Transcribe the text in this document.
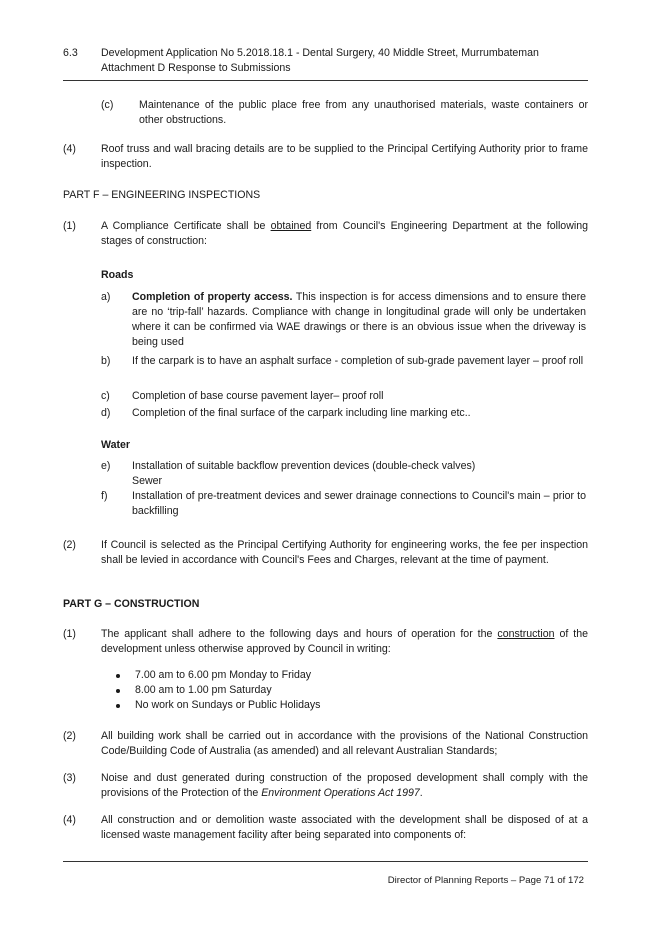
6.3 Development Application No 5.2018.18.1 - Dental Surgery, 40 Middle Street, Murrumbateman
Attachment D Response to Submissions
(c) Maintenance of the public place free from any unauthorised materials, waste containers or other obstructions.
(4) Roof truss and wall bracing details are to be supplied to the Principal Certifying Authority prior to frame inspection.
PART F – ENGINEERING INSPECTIONS
(1) A Compliance Certificate shall be obtained from Council's Engineering Department at the following stages of construction:
Roads
a) Completion of property access. This inspection is for access dimensions and to ensure there are no ‘trip-fall’ hazards. Compliance with change in longitudinal grade will only be undertaken where it can be confirmed via WAE drawings or there is an obvious issue when the driveway is being used
b) If the carpark is to have an asphalt surface - completion of sub-grade pavement layer – proof roll
c) Completion of base course pavement layer– proof roll
d) Completion of the final surface of the carpark including line marking etc..
Water
e) Installation of suitable backflow prevention devices (double-check valves)
Sewer
f) Installation of pre-treatment devices and sewer drainage connections to Council's main – prior to backfilling
(2) If Council is selected as the Principal Certifying Authority for engineering works, the fee per inspection shall be levied in accordance with Council's Fees and Charges, relevant at the time of payment.
PART G – CONSTRUCTION
(1) The applicant shall adhere to the following days and hours of operation for the construction of the development unless otherwise approved by Council in writing:
7.00 am to 6.00 pm Monday to Friday
8.00 am to 1.00 pm Saturday
No work on Sundays or Public Holidays
(2) All building work shall be carried out in accordance with the provisions of the National Construction Code/Building Code of Australia (as amended) and all relevant Australian Standards;
(3) Noise and dust generated during construction of the proposed development shall comply with the provisions of the Protection of the Environment Operations Act 1997.
(4) All construction and or demolition waste associated with the development shall be disposed of at a licensed waste management facility after being separated into components of:
Director of Planning Reports – Page 71 of 172
